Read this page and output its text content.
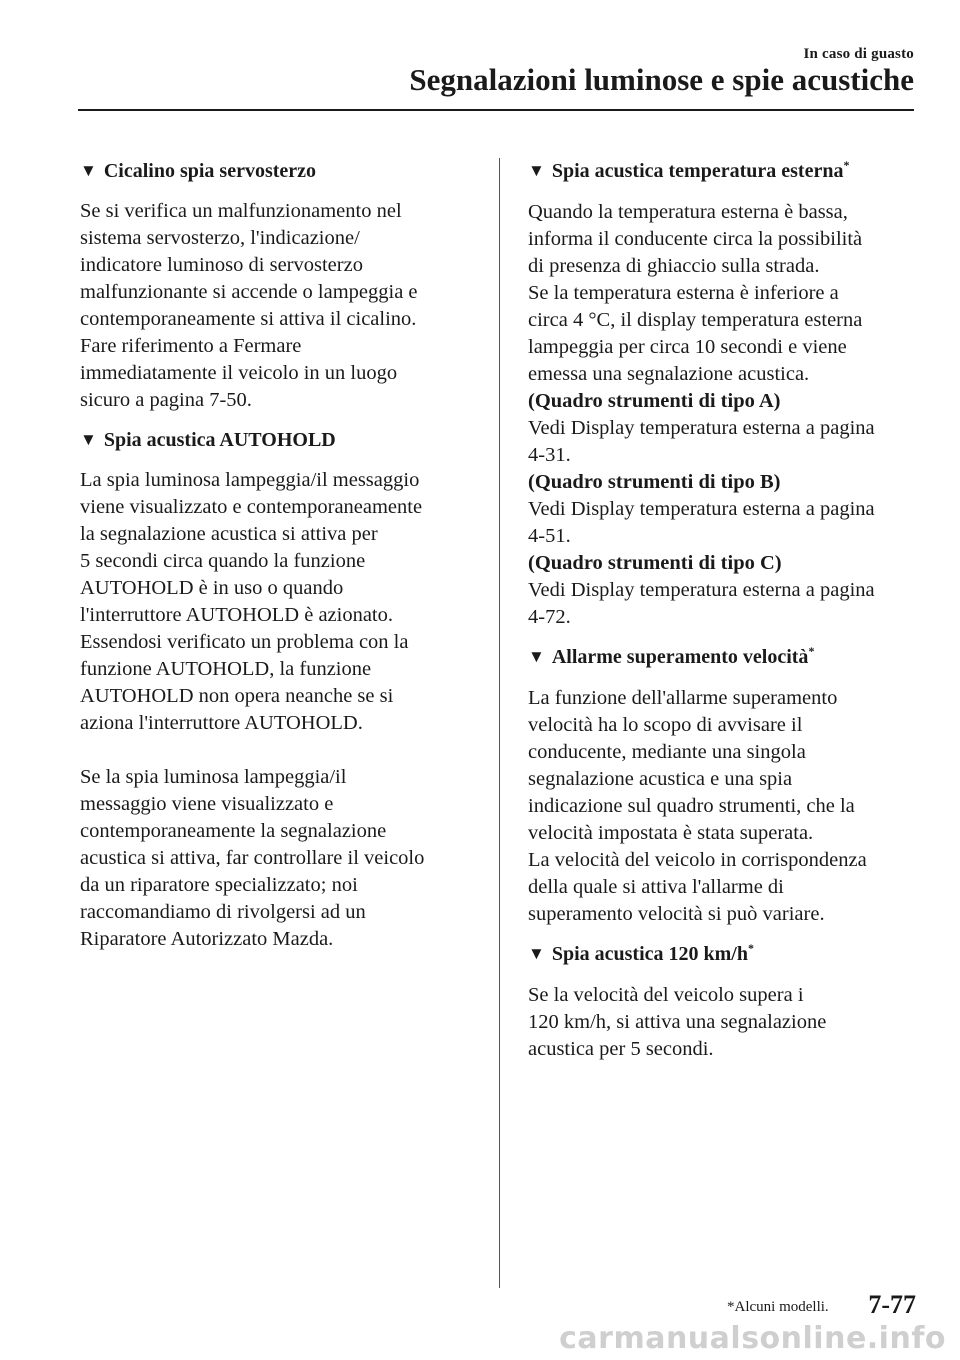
In caso di guasto
Segnalazioni luminose e spie acustiche
▼ Cicalino spia servosterzo

Se si verifica un malfunzionamento nel
sistema servosterzo, l'indicazione/
indicatore luminoso di servosterzo
malfunzionante si accende o lampeggia e
contemporaneamente si attiva il cicalino.
Fare riferimento a Fermare
immediatamente il veicolo in un luogo
sicuro a pagina 7-50.

▼ Spia acustica AUTOHOLD

La spia luminosa lampeggia/il messaggio
viene visualizzato e contemporaneamente
la segnalazione acustica si attiva per
5 secondi circa quando la funzione
AUTOHOLD è in uso o quando
l'interruttore AUTOHOLD è azionato.
Essendosi verificato un problema con la
funzione AUTOHOLD, la funzione
AUTOHOLD non opera neanche se si
aziona l'interruttore AUTOHOLD.

Se la spia luminosa lampeggia/il
messaggio viene visualizzato e
contemporaneamente la segnalazione
acustica si attiva, far controllare il veicolo
da un riparatore specializzato; noi
raccomandiamo di rivolgersi ad un
Riparatore Autorizzato Mazda.

▼ Spia acustica temperatura esterna*

Quando la temperatura esterna è bassa,
informa il conducente circa la possibilità
di presenza di ghiaccio sulla strada.
Se la temperatura esterna è inferiore a
circa 4 °C, il display temperatura esterna
lampeggia per circa 10 secondi e viene
emessa una segnalazione acustica.

(Quadro strumenti di tipo A)

Vedi Display temperatura esterna a pagina
4-31.

(Quadro strumenti di tipo B)

Vedi Display temperatura esterna a pagina
4-51.

(Quadro strumenti di tipo C)

Vedi Display temperatura esterna a pagina
4-72.

▼ Allarme superamento velocità*

La funzione dell'allarme superamento
velocità ha lo scopo di avvisare il
conducente, mediante una singola
segnalazione acustica e una spia
indicazione sul quadro strumenti, che la
velocità impostata è stata superata.
La velocità del veicolo in corrispondenza
della quale si attiva l'allarme di
superamento velocità si può variare.

▼ Spia acustica 120 km/h*

Se la velocità del veicolo supera i
120 km/h, si attiva una segnalazione
acustica per 5 secondi.

*Alcuni modelli. 7-77
carmanualsonline.info
